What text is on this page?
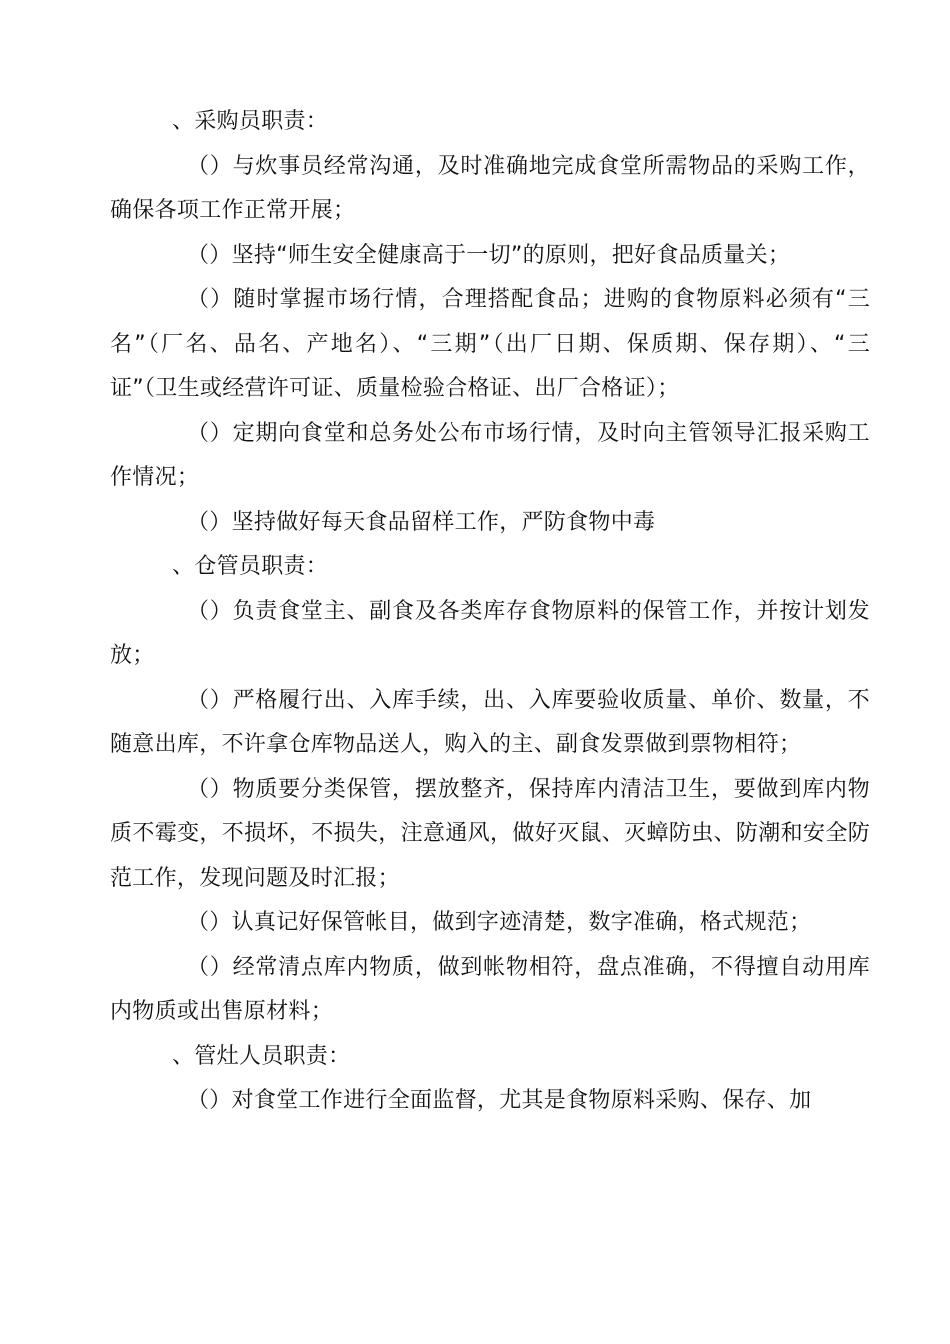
、采购员职责：

（）与炊事员经常沟通，及时准确地完成食堂所需物品的采购工作，确保各项工作正常开展；

（）坚持“师生安全健康高于一切”的原则，把好食品质量关；

（）随时掌握市场行情，合理搭配食品；进购的食物原料必须有“三名”（厂名、品名、产地名）、“三期”（出厂日期、保质期、保存期）、“三证”（卫生或经营许可证、质量检验合格证、出厂合格证）；

（）定期向食堂和总务处公布市场行情，及时向主管领导汇报采购工作情况；

（）坚持做好每天食品留样工作，严防食物中毒

、仓管员职责：

（）负责食堂主、副食及各类库存食物原料的保管工作，并按计划发放；

（）严格履行出、入库手续，出、入库要验收质量、单价、数量，不随意出库，不许拿仓库物品送人，购入的主、副食发票做到票物相符；

（）物质要分类保管，摆放整齐，保持库内清洁卫生，要做到库内物质不霉变，不损坏，不损失，注意通风，做好灭鼠、灭蟑防虫、防潮和安全防范工作，发现问题及时汇报；

（）认真记好保管帐目，做到字迹清楚，数字准确，格式规范；

（）经常清点库内物质，做到帐物相符，盘点准确，不得擅自动用库内物质或出售原材料；

、管灶人员职责：

（）对食堂工作进行全面监督，尤其是食物原料采购、保存、加
